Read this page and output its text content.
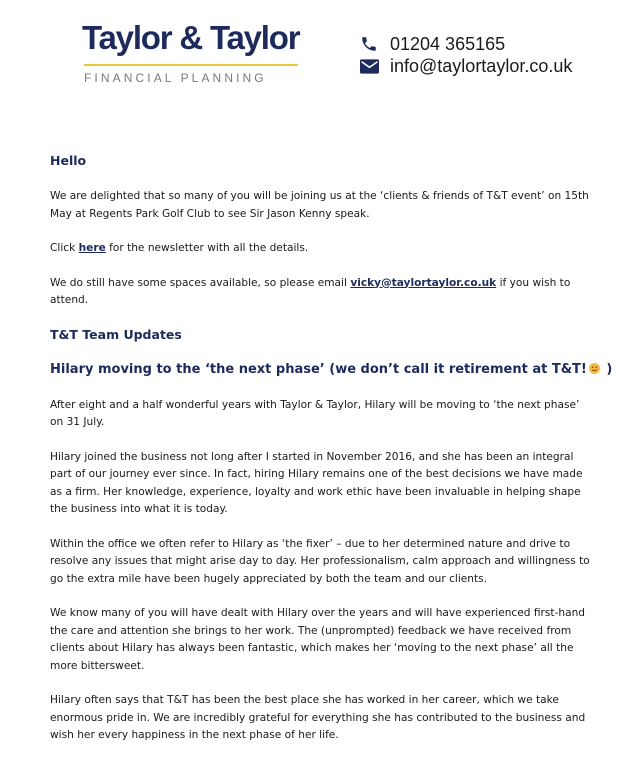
Taylor & Taylor
FINANCIAL PLANNING
01204 365165
info@taylortaylor.co.uk
Hello

We are delighted that so many of you will be joining us at the ‘clients & friends of T&T event’ on 15th May at Regents Park Golf Club to see Sir Jason Kenny speak.

Click here for the newsletter with all the details.

We do still have some spaces available, so please email vicky@taylortaylor.co.uk if you wish to attend.

T&T Team Updates
Hilary moving to the ‘the next phase’ (we don’t call it retirement at T&T!
)

After eight and a half wonderful years with Taylor & Taylor, Hilary will be moving to ‘the next phase’ on 31 July.

Hilary joined the business not long after I started in November 2016, and she has been an integral part of our journey ever since. In fact, hiring Hilary remains one of the best decisions we have made as a firm. Her knowledge, experience, loyalty and work ethic have been invaluable in helping shape the business into what it is today.

Within the office we often refer to Hilary as ‘the fixer’ – due to her determined nature and drive to resolve any issues that might arise day to day. Her professionalism, calm approach and willingness to go the extra mile have been hugely appreciated by both the team and our clients.

We know many of you will have dealt with Hilary over the years and will have experienced first-hand the care and attention she brings to her work. The (unprompted) feedback we have received from clients about Hilary has always been fantastic, which makes her ‘moving to the next phase’ all the more bittersweet.

Hilary often says that T&T has been the best place she has worked in her career, which we take enormous pride in. We are incredibly grateful for everything she has contributed to the business and wish her every happiness in the next phase of her life.
